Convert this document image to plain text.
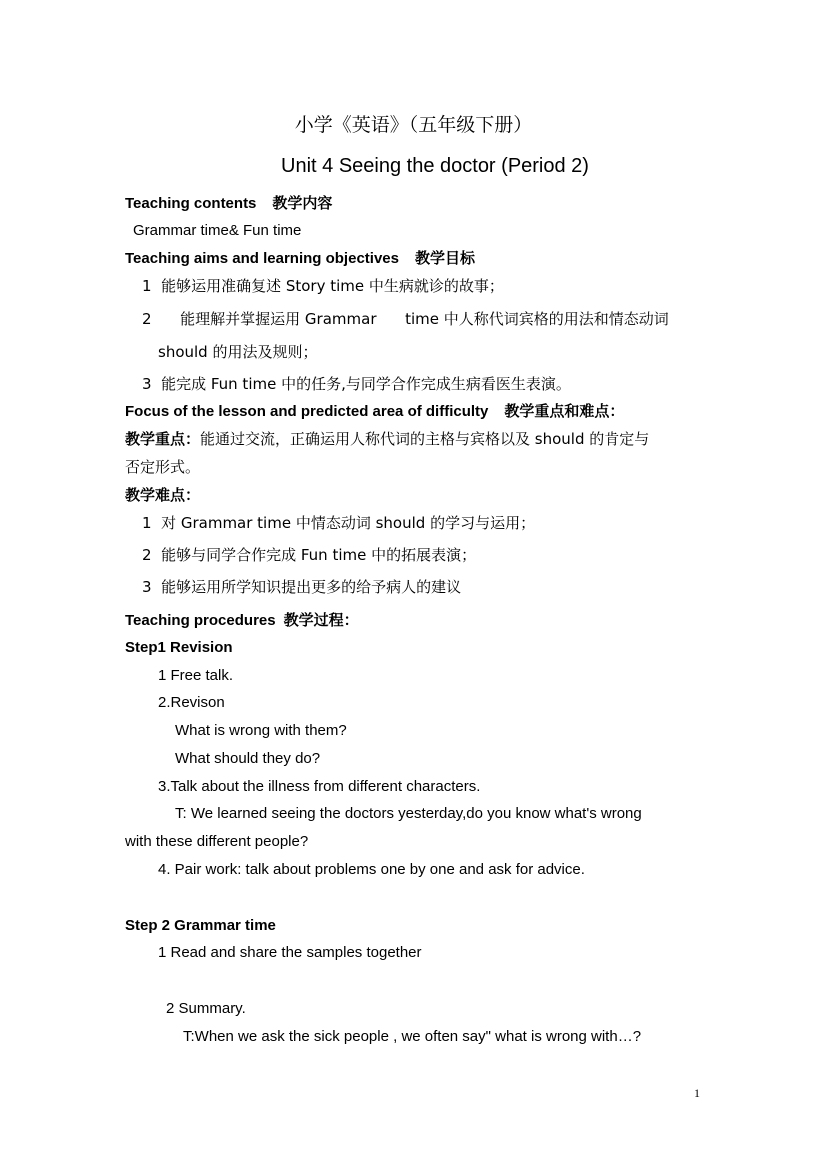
小学《英语》（五年级下册）
Unit 4 Seeing the doctor (Period 2)
Teaching contents 教学内容
Grammar time& Fun time
Teaching aims and learning objectives 教学目标
1  能够运用准确复述 Story time 中生病就诊的故事；
2      能理解并掌握运用 Grammar      time 中人称代词宾格的用法和情态动词
should 的用法及规则；
3  能完成 Fun time 中的任务,与同学合作完成生病看医生表演。
Focus of the lesson and predicted area of difficulty 教学重点和难点：
教学重点：能通过交流，正确运用人称代词的主格与宾格以及 should 的肯定与
否定形式。
教学难点：
1  对 Grammar time 中情态动词 should 的学习与运用；
2  能够与同学合作完成 Fun time 中的拓展表演；
3  能够运用所学知识提出更多的给予病人的建议
Teaching procedures 教学过程：
Step1 Revision
1 Free talk.
2.Revison
What is wrong with them?
What should they do?
3.Talk about the illness from different characters.
T: We learned seeing the doctors yesterday,do you know what's wrong
with these different people?
4. Pair work: talk about problems one by one and ask for advice.
Step 2 Grammar time
1 Read and share the samples together
2 Summary.
T:When we ask the sick people , we often say" what is wrong with…?
1
